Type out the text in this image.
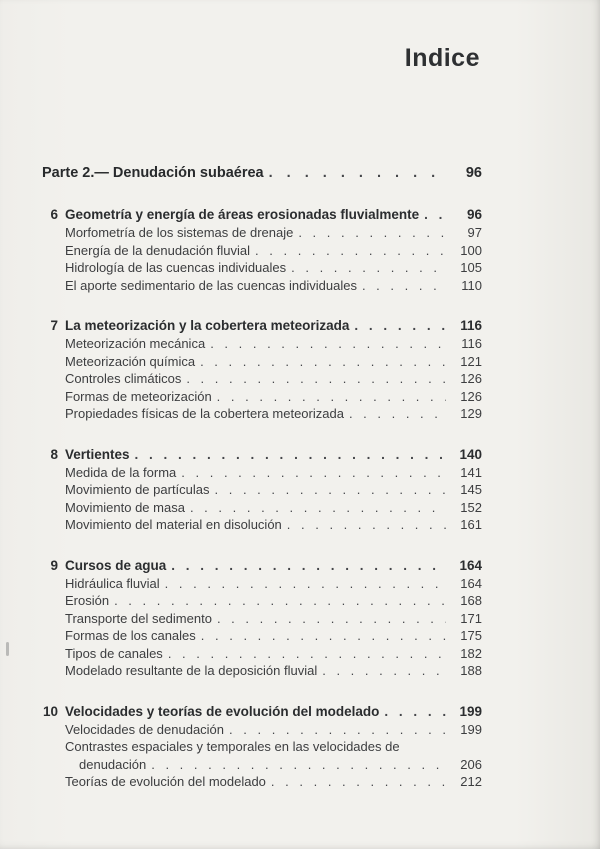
Indice
Parte 2.— Denudación subaérea . . .	96
6 Geometría y energía de áreas erosionadas fluvialmente . . .	96
Morfometría de los sistemas de drenaje . . .	97
Energía de la denudación fluvial . . .	100
Hidrología de las cuencas individuales . . .	105
El aporte sedimentario de las cuencas individuales . . .	110
7 La meteorización y la cobertera meteorizada . . .	116
Meteorización mecánica . . .	116
Meteorización química . . .	121
Controles climáticos . . .	126
Formas de meteorización . . .	126
Propiedades físicas de la cobertera meteorizada . . .	129
8 Vertientes . . .	140
Medida de la forma . . .	141
Movimiento de partículas . . .	145
Movimiento de masa . . .	152
Movimiento del material en disolución . . .	161
9 Cursos de agua . . .	164
Hidráulica fluvial . . .	164
Erosión . . .	168
Transporte del sedimento . . .	171
Formas de los canales . . .	175
Tipos de canales . . .	182
Modelado resultante de la deposición fluvial . . .	188
10 Velocidades y teorías de evolución del modelado . . .	199
Velocidades de denudación . . .	199
Contrastes espaciales y temporales en las velocidades de
denudación . . .	206
Teorías de evolución del modelado . . .	212
